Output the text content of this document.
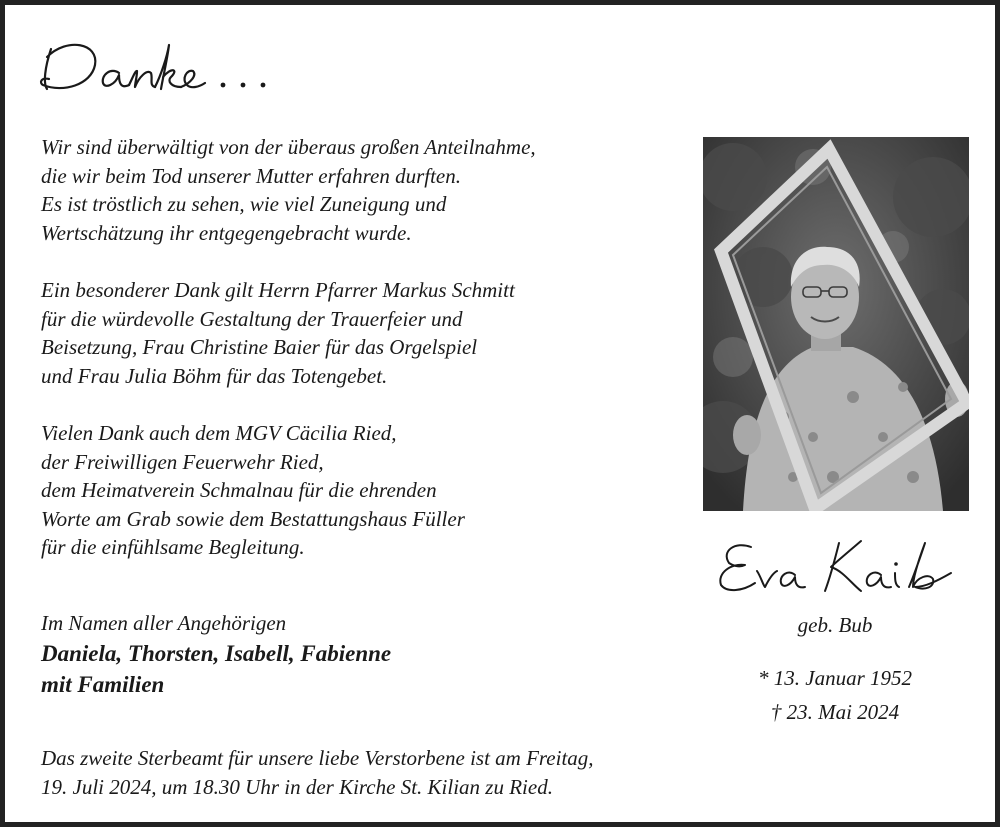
Wir sind überwältigt von der überaus großen Anteilnahme,
die wir beim Tod unserer Mutter erfahren durften.
Es ist tröstlich zu sehen, wie viel Zuneigung und
Wertschätzung ihr entgegengebracht wurde.

Ein besonderer Dank gilt Herrn Pfarrer Markus Schmitt
für die würdevolle Gestaltung der Trauerfeier und
Beisetzung, Frau Christine Baier für das Orgelspiel
und Frau Julia Böhm für das Totengebet.

Vielen Dank auch dem MGV Cäcilia Ried,
der Freiwilligen Feuerwehr Ried,
dem Heimatverein Schmalnau für die ehrenden
Worte am Grab sowie dem Bestattungshaus Füller
für die einfühlsame Begleitung.

Im Namen aller Angehörigen
Daniela, Thorsten, Isabell, Fabienne
mit Familien
Das zweite Sterbeamt für unsere liebe Verstorbene ist am Freitag,
19. Juli 2024, um 18.30 Uhr in der Kirche St. Kilian zu Ried.
geb. Bub
* 13. Januar 1952
† 23. Mai 2024
